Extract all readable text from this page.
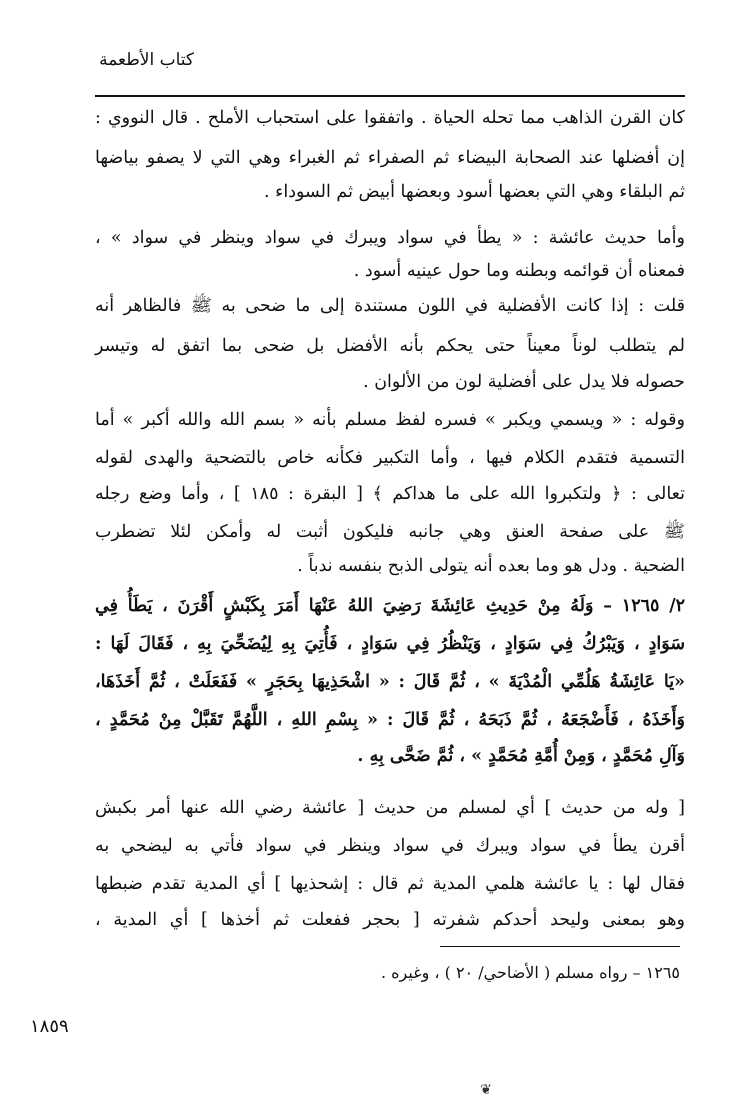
كتاب الأطعمة
كان القرن الذاهب مما تحله الحياة . واتفقوا على استحباب الأملح . قال النووي :
إن أفضلها عند الصحابة البيضاء ثم الصفراء ثم الغبراء وهي التي لا يصفو بياضها
ثم البلقاء وهي التي بعضها أسود وبعضها أبيض ثم السوداء .
وأما حديث عائشة : « يطأ في سواد ويبرك في سواد وينظر في سواد » ،
فمعناه أن قوائمه وبطنه وما حول عينيه أسود .
قلت : إذا كانت الأفضلية في اللون مستندة إلى ما ضحى به ﷺ فالظاهر أنه
لم يتطلب لوناً معيناً حتى يحكم بأنه الأفضل بل ضحى بما اتفق له وتيسر
حصوله فلا يدل على أفضلية لون من الألوان .
وقوله : « ويسمي ويكبر » فسره لفظ مسلم بأنه « بسم الله والله أكبر » أما
التسمية فتقدم الكلام فيها ، وأما التكبير فكأنه خاص بالتضحية والهدى لقوله
تعالى : ﴿ ولتكبروا الله على ما هداكم ﴾ [ البقرة : ١٨٥ ] ، وأما وضع رجله
ﷺ على صفحة العنق وهي جانبه فليكون أثبت له وأمكن لئلا تضطرب
الضحية . ودل هو وما بعده أنه يتولى الذبح بنفسه ندباً .
٢/ ١٢٦٥ – وَلَهُ مِنْ حَدِيثِ عَائِشَةَ رَضِيَ اللهُ عَنْهَا أَمَرَ بِكَبْشٍ أَقْرَنَ ، يَطَأُ فِي
سَوَادٍ ، وَيَبْرُكُ فِي سَوَادٍ ، وَيَنْظُرُ فِي سَوَادٍ ، فَأُتِيَ بِهِ لِيُضَحِّيَ بِهِ ، فَقَالَ لَهَا :
«يَا عَائِشَةُ هَلُمِّي الْمُدْيَةَ » ، ثُمَّ قَالَ : « اشْحَذِيهَا بِحَجَرٍ » فَفَعَلَتْ ، ثُمَّ أَخَذَهَا،
وَأَخَذَهُ ، فَأَضْجَعَهُ ، ثُمَّ ذَبَحَهُ ، ثُمَّ قَالَ : « بِسْمِ اللهِ ، اللَّهُمَّ تَقَبَّلْ مِنْ مُحَمَّدٍ ،
وَآلِ مُحَمَّدٍ ، وَمِنْ أُمَّةِ مُحَمَّدٍ » ، ثُمَّ ضَحَّى بِهِ .
[ وله من حديث ] أي لمسلم من حديث [ عائشة رضي الله عنها أمر بكبش
أقرن يطأ في سواد ويبرك في سواد وينظر في سواد فأتي به ليضحي به
فقال لها : يا عائشة هلمي المدية ثم قال : إشحذيها ] أي المدية تقدم ضبطها
وهو بمعنى وليحد أحدكم شفرته [ بحجر ففعلت ثم أخذها ] أي المدية ،
١٢٦٥ – رواه مسلم ( الأضاحي/ ٢٠ ) ، وغيره .
١٨٥٩
❦
